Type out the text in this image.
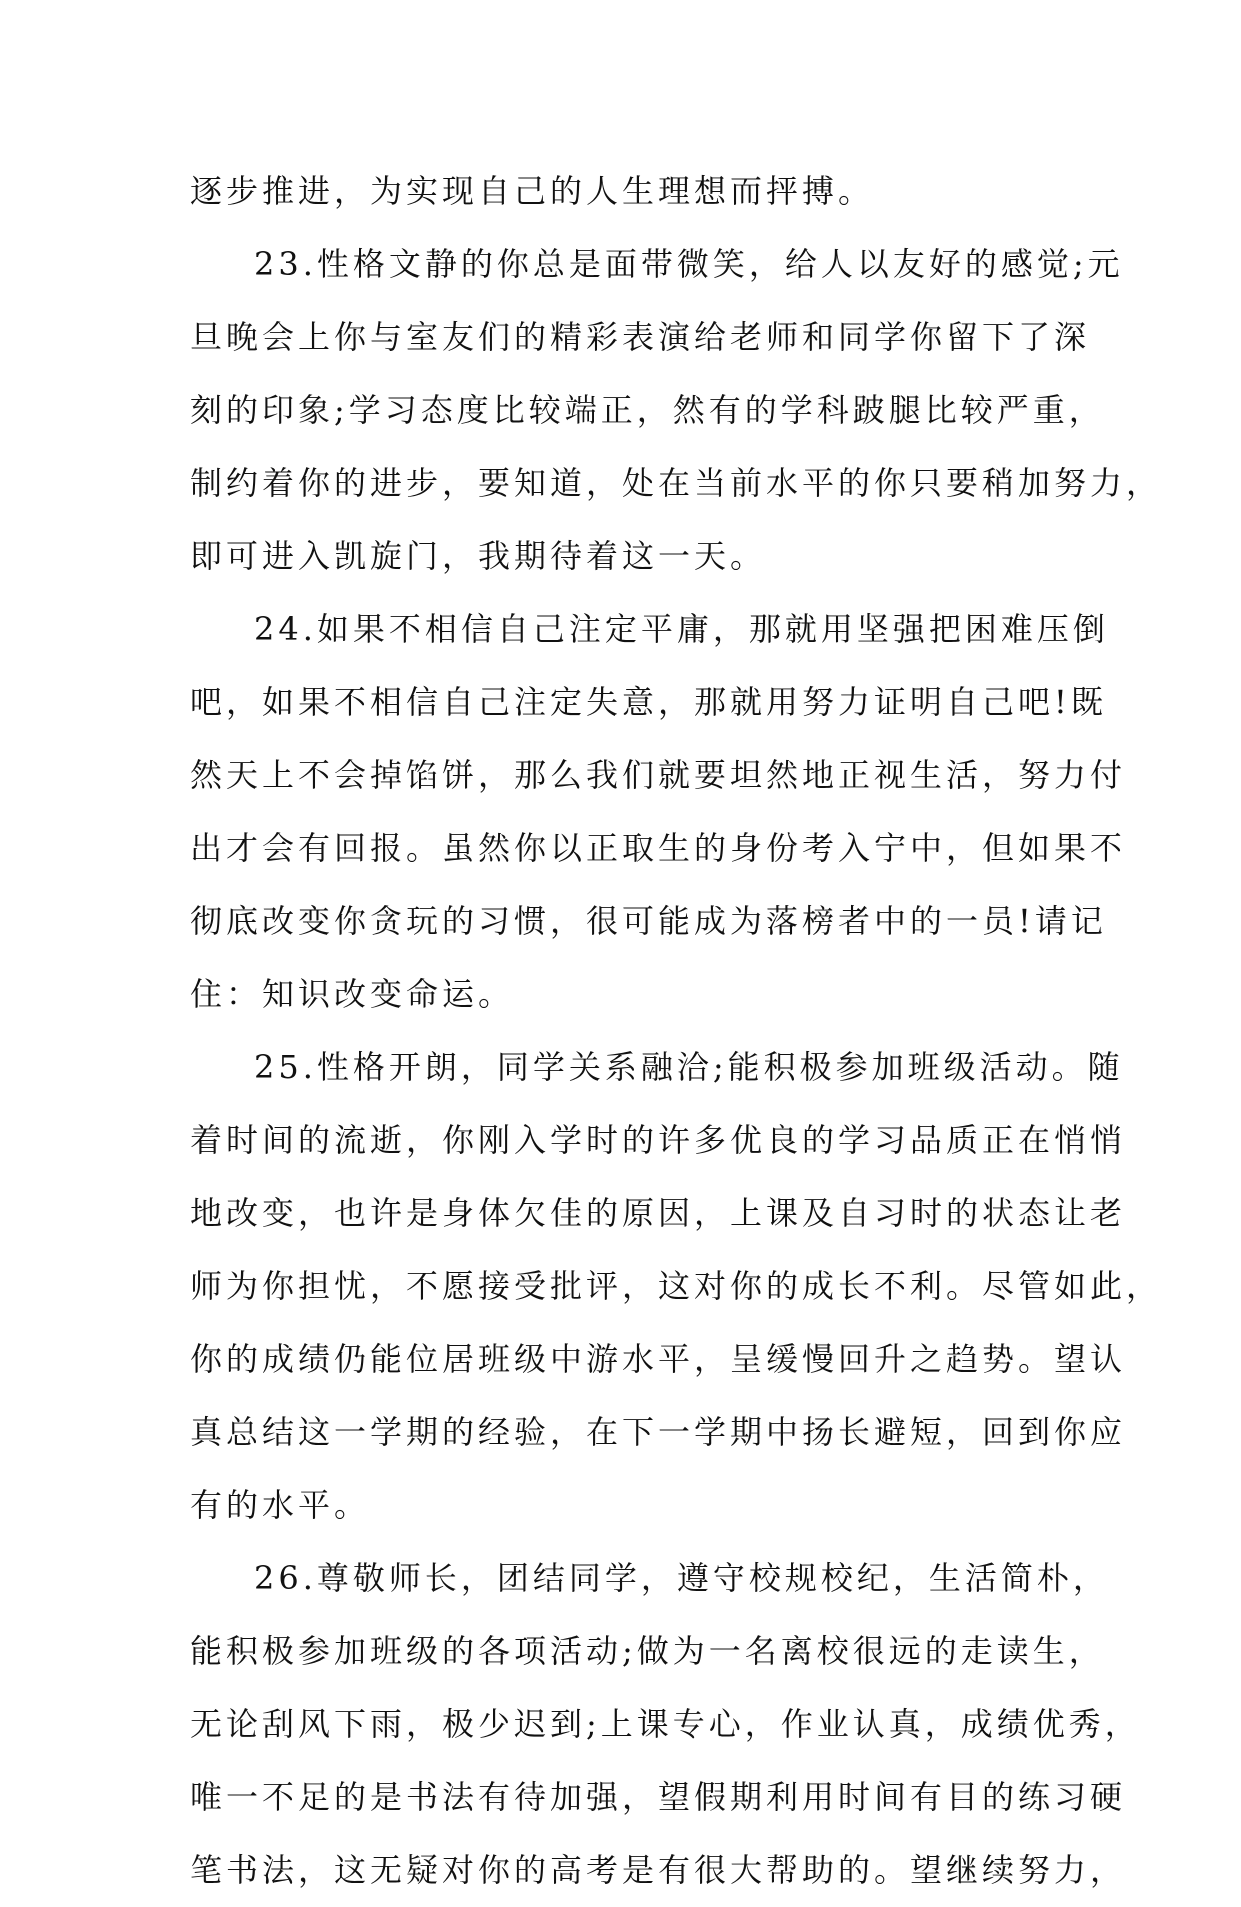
逐步推进，为实现自己的人生理想而抨搏。
23.性格文静的你总是面带微笑，给人以友好的感觉;元
旦晚会上你与室友们的精彩表演给老师和同学你留下了深
刻的印象;学习态度比较端正，然有的学科跛腿比较严重，
制约着你的进步，要知道，处在当前水平的你只要稍加努力，
即可进入凯旋门，我期待着这一天。
24.如果不相信自己注定平庸，那就用坚强把困难压倒
吧，如果不相信自己注定失意，那就用努力证明自己吧!既
然天上不会掉馅饼，那么我们就要坦然地正视生活，努力付
出才会有回报。虽然你以正取生的身份考入宁中，但如果不
彻底改变你贪玩的习惯，很可能成为落榜者中的一员!请记
住：知识改变命运。
25.性格开朗，同学关系融洽;能积极参加班级活动。随
着时间的流逝，你刚入学时的许多优良的学习品质正在悄悄
地改变，也许是身体欠佳的原因，上课及自习时的状态让老
师为你担忧，不愿接受批评，这对你的成长不利。尽管如此，
你的成绩仍能位居班级中游水平，呈缓慢回升之趋势。望认
真总结这一学期的经验，在下一学期中扬长避短，回到你应
有的水平。
26.尊敬师长，团结同学，遵守校规校纪，生活简朴，
能积极参加班级的各项活动;做为一名离校很远的走读生，
无论刮风下雨，极少迟到;上课专心，作业认真，成绩优秀，
唯一不足的是书法有待加强，望假期利用时间有目的练习硬
笔书法，这无疑对你的高考是有很大帮助的。望继续努力，
